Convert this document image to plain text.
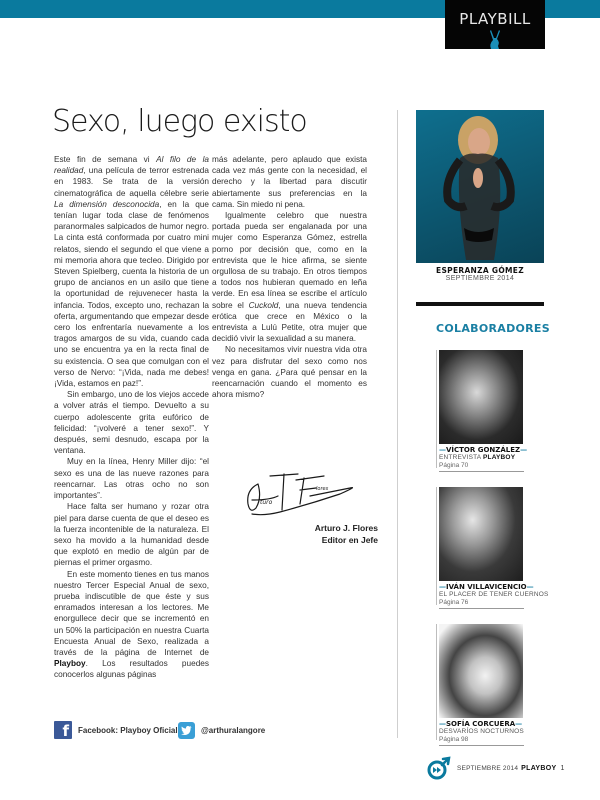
PLAYBILL
Sexo, luego existo

Este fin de semana vi Al filo de la realidad, una película de terror estrenada en 1983. Se trata de la versión cinematográfica de aquella célebre serie La dimensión desconocida, en la que tenían lugar toda clase de fenómenos paranormales salpicados de humor negro. La cinta está conformada por cuatro mini relatos, siendo el segundo el que viene a mi memoria ahora que tecleo. Dirigido por Steven Spielberg, cuenta la historia de un grupo de ancianos en un asilo que tiene la oportunidad de rejuvenecer hasta la infancia. Todos, excepto uno, rechazan la oferta, argumentando que empezar desde cero los enfrentaría nuevamente a los tragos amargos de su vida, cuando cada uno se encuentra ya en la recta final de su existencia. O sea que comulgan con el verso de Nervo: “¡Vida, nada me debes! ¡Vida, estamos en paz!”.

Sin embargo, uno de los viejos accede a volver atrás el tiempo. Devuelto a su cuerpo adolescente grita eufórico de felicidad: “¡volveré a tener sexo!”. Y después, semi desnudo, escapa por la ventana.

Muy en la línea, Henry Miller dijo: “el sexo es una de las nueve razones para reencarnar. Las otras ocho no son importantes”.

Hace falta ser humano y rozar otra piel para darse cuenta de que el deseo es la fuerza incontenible de la naturaleza. El sexo ha movido a la humanidad desde que explotó en medio de algún par de piernas el primer orgasmo.

En este momento tienes en tus manos nuestro Tercer Especial Anual de sexo, prueba indiscutible de que éste y sus enramados interesan a los lectores. Me enorgullece decir que se incrementó en un 50% la participación en nuestra Cuarta Encuesta Anual de Sexo, realizada a través de la página de Internet de Playboy. Los resultados puedes conocerlos algunas páginas

más adelante, pero aplaudo que exista cada vez más gente con la necesidad, el derecho y la libertad para discutir abiertamente sus preferencias en la cama. Sin miedo ni pena.

Igualmente celebro que nuestra portada pueda ser engalanada por una mujer como Esperanza Gómez, estrella porno por decisión que, como en la entrevista que le hice afirma, se siente orgullosa de su trabajo. En otros tiempos a todos nos hubieran quemado en leña verde. En esa línea se escribe el artículo sobre el Cuckold, una nueva tendencia erótica que crece en México o la entrevista a Lulú Petite, otra mujer que decidió vivir la sexualidad a su manera.

No necesitamos vivir nuestra vida otra vez para disfrutar del sexo como nos venga en gana. ¿Para qué pensar en la reencarnación cuando el momento es ahora mismo?

turo
lores
Arturo J. Flores
Editor en Jefe
f	Facebook: Playboy Oficial	@arthuralangore
ESPERANZA GÓMEZ
SEPTIEMBRE 2014
COLABORADORES
—VÍCTOR GONZÁLEZ—
ENTREVISTA PLAYBOY
Página 70
—IVÁN VILLAVICENCIO—
EL PLACER DE TENER CUERNOS
Página 76
—SOFÍA CORCUERA—
DESVARÍOS NOCTURNOS
Página 98
SEPTIEMBRE 2014 PLAYBOY 1
